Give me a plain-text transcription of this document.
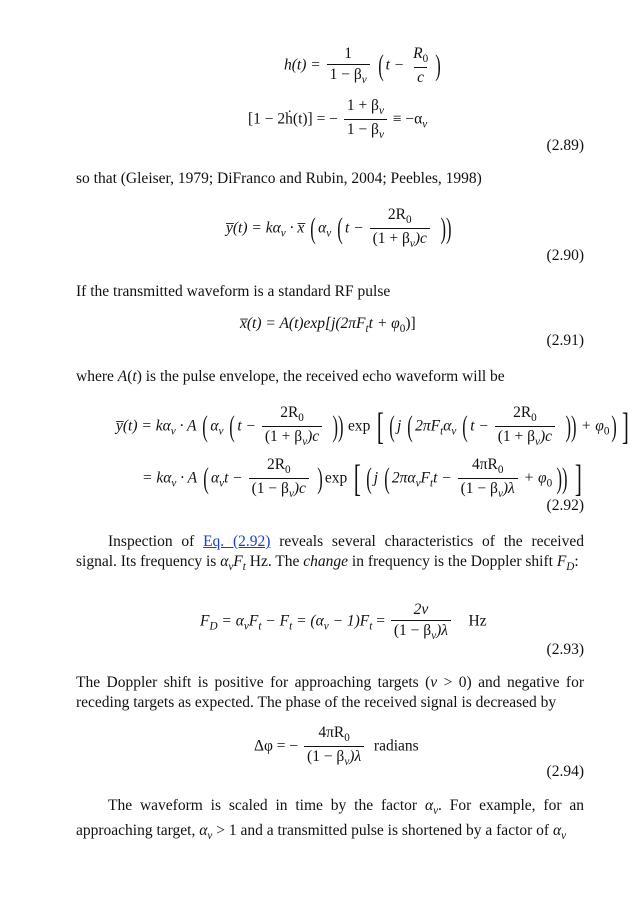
$h(t) = \frac{1}{1 - \beta_v}$ ( $t - \frac{R_0}{c}$ )
[1 − 2ḣ(t)] = − $\frac{1 + \beta_v}{1 - \beta_v} \equiv -\alpha_v$
(2.89)
so that (Gleiser, 1979; DiFranco and Rubin, 2004; Peebles, 1998)
y̅(t) = $k\alpha_v$ · x̅ ( $\alpha_v$ ( $t - \frac{2R_0}{(1 + \beta_v)c}$ ))
(2.90)
If the transmitted waveform is a standard RF pulse
x̅(t) = $A(t)\exp[j(2\pi F_tt + \varphi_0)]$
(2.91)
where A(t) is the pulse envelope, the received echo waveform will be
y̅(t) = $k\alpha_v \cdot A$ ( $\alpha_v$ ( $t - \frac{2R_0}{(1 + \beta_v)c}$ )) exp [ ( j ( $2\pi F_t\alpha_v$ ( $t - \frac{2R_0}{(1 + \beta_v)c}$ )) + $\varphi_0$) ]
= $k\alpha_v \cdot A$ ( $\alpha_vt - \frac{2R_0}{(1 - \beta_v)c}$ ) exp [ ( j ( $2\pi\alpha_vF_tt - \frac{4\pi R_0}{(1 - \beta_v)\lambda} + \varphi_0$ )) ]
(2.92)
Inspection of Eq. (2.92) reveals several characteristics of the received signal. Its frequency is $\alpha_vF_t$ Hz. The change in frequency is the Doppler shift $F_D$:
$F_D = \alpha_vF_t - F_t = (\alpha_v - 1)F_t = \frac{2v}{(1 - \beta_v)\lambda}$ Hz
(2.93)
The Doppler shift is positive for approaching targets (v > 0) and negative for receding targets as expected. The phase of the received signal is decreased by
Δφ = − $\frac{4\pi R_0}{(1 - \beta_v)\lambda}$ radians
(2.94)
The waveform is scaled in time by the factor $\alpha_v$. For example, for an approaching target, $\alpha_v > 1$ and a transmitted pulse is shortened by a factor of $\alpha_v$
